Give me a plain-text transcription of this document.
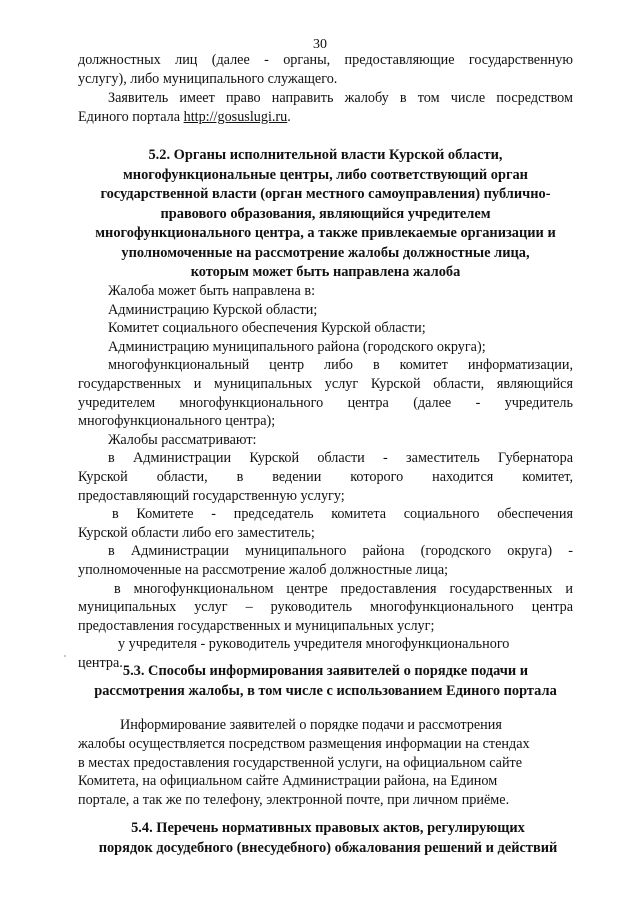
30
должностных лиц (далее - органы, предоставляющие государственную
услугу), либо муниципального служащего.
Заявитель имеет право направить жалобу в том числе посредством
Единого портала http://gosuslugi.ru.
5.2. Органы исполнительной власти Курской области,
многофункциональные центры, либо соответствующий орган
государственной власти (орган местного самоуправления) публично-
правового образования, являющийся учредителем
многофункционального центра, а также привлекаемые организации и
уполномоченные на рассмотрение жалобы должностные лица,
которым может быть направлена жалоба
Жалоба может быть направлена в:
Администрацию Курской области;
Комитет социального обеспечения Курской области;
Администрацию муниципального района (городского округа);
многофункциональный центр либо в комитет информатизации,
государственных и муниципальных услуг Курской области, являющийся
учредителем многофункционального центра (далее - учредитель
многофункционального центра);
Жалобы рассматривают:
в Администрации Курской области - заместитель Губернатора
Курской области, в ведении которого находится комитет,
предоставляющий государственную услугу;
в Комитете - председатель комитета социального обеспечения
Курской области либо его заместитель;
в Администрации муниципального района (городского округа) -
уполномоченные на рассмотрение жалоб должностные лица;
в многофункциональном центре предоставления государственных и
муниципальных услуг – руководитель многофункционального центра
предоставления государственных и муниципальных услуг;
у учредителя - руководитель учредителя многофункционального
центра.
5.3. Способы информирования заявителей о порядке подачи и
рассмотрения жалобы, в том числе с использованием Единого портала
Информирование заявителей о порядке подачи и рассмотрения
жалобы осуществляется посредством размещения информации на стендах
в местах предоставления государственной услуги, на официальном сайте
Комитета, на официальном сайте Администрации района, на Едином
портале, а так же по телефону, электронной почте, при личном приёме.
5.4. Перечень нормативных правовых актов, регулирующих
порядок досудебного (внесудебного) обжалования решений и действий
